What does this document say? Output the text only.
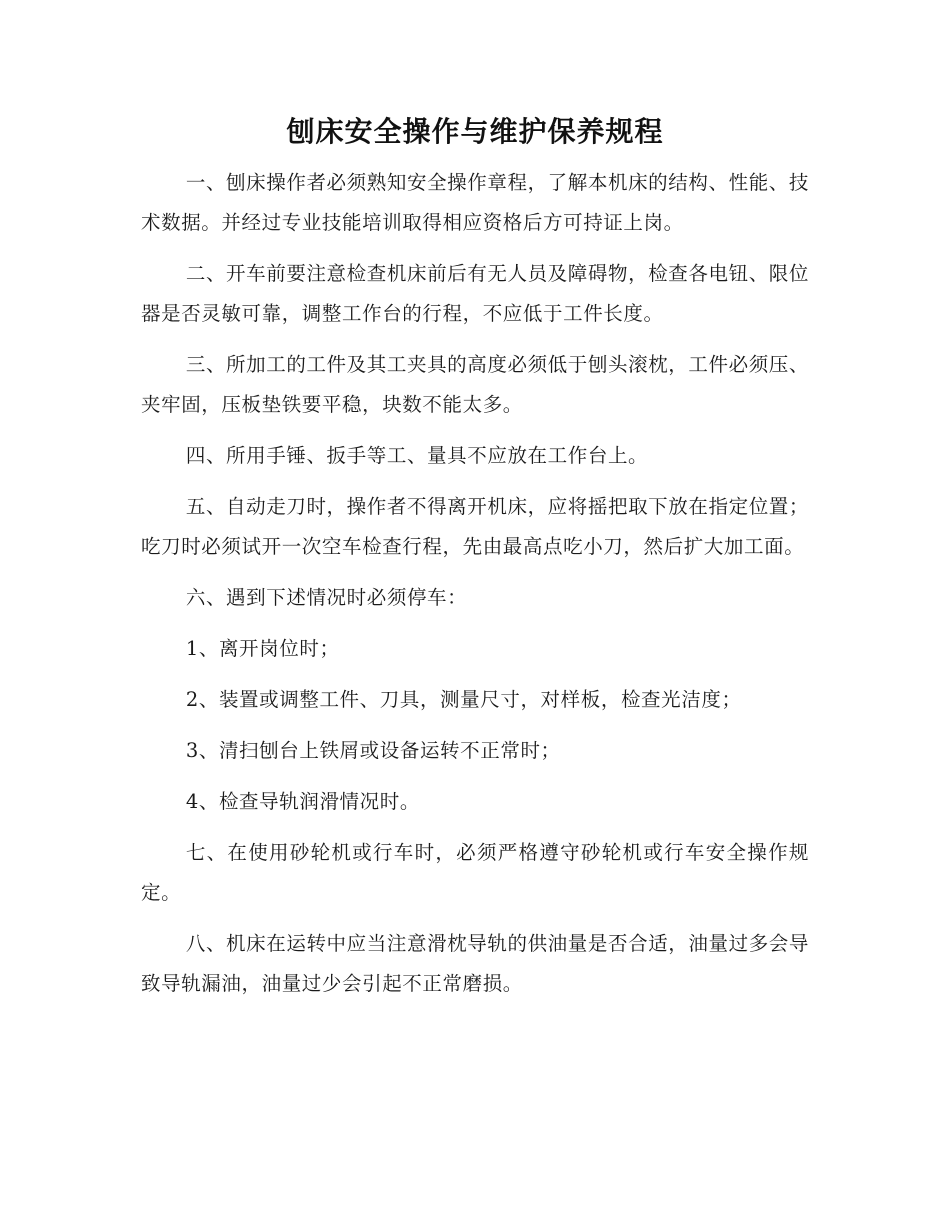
刨床安全操作与维护保养规程

一、刨床操作者必须熟知安全操作章程，了解本机床的结构、性能、技术数据。并经过专业技能培训取得相应资格后方可持证上岗。

二、开车前要注意检查机床前后有无人员及障碍物，检查各电钮、限位器是否灵敏可靠，调整工作台的行程，不应低于工件长度。

三、所加工的工件及其工夹具的高度必须低于刨头滚枕，工件必须压、夹牢固，压板垫铁要平稳，块数不能太多。

四、所用手锤、扳手等工、量具不应放在工作台上。

五、自动走刀时，操作者不得离开机床，应将摇把取下放在指定位置；吃刀时必须试开一次空车检查行程，先由最高点吃小刀，然后扩大加工面。

六、遇到下述情况时必须停车：

1、离开岗位时；

2、装置或调整工件、刀具，测量尺寸，对样板，检查光洁度；

3、清扫刨台上铁屑或设备运转不正常时；

4、检查导轨润滑情况时。

七、在使用砂轮机或行车时，必须严格遵守砂轮机或行车安全操作规定。

八、机床在运转中应当注意滑枕导轨的供油量是否合适，油量过多会导致导轨漏油，油量过少会引起不正常磨损。
